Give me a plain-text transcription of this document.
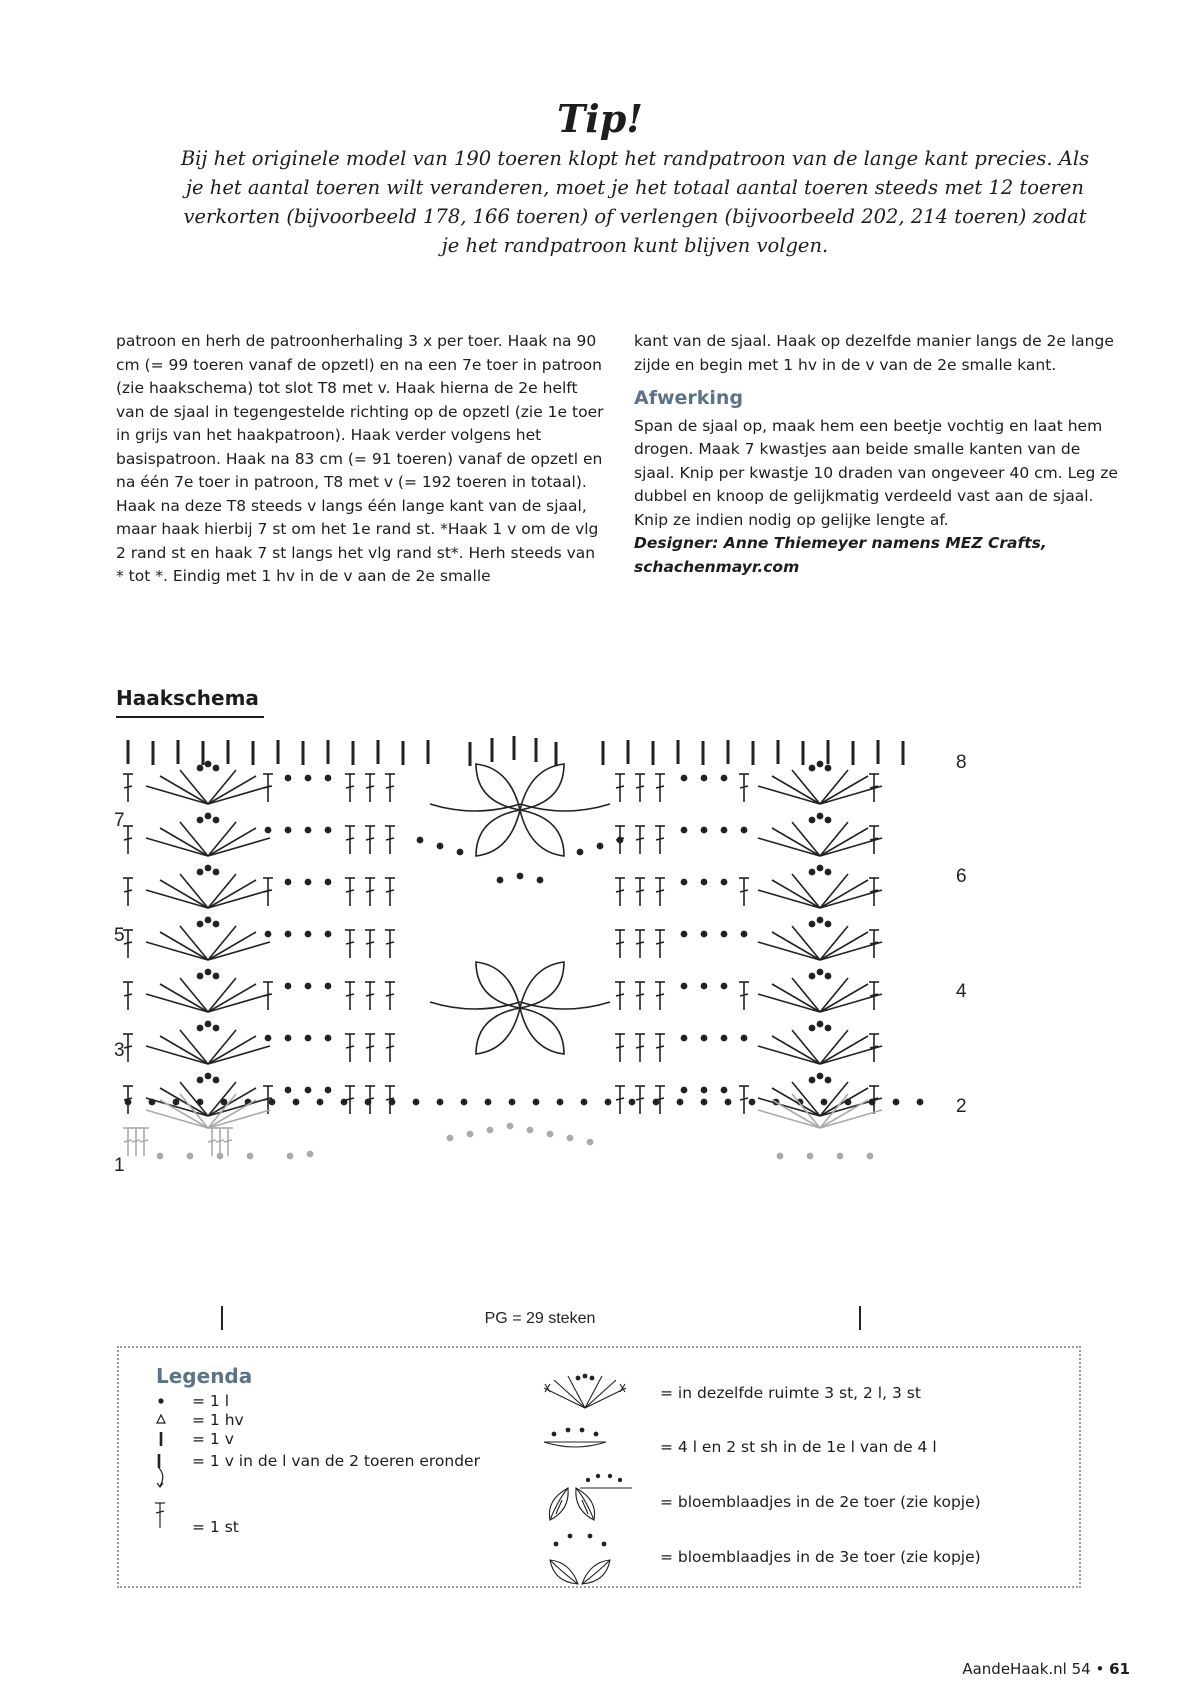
Tip!

Bij het originele model van 190 toeren klopt het randpatroon van de lange kant precies. Als je het aantal toeren wilt veranderen, moet je het totaal aantal toeren steeds met 12 toeren verkorten (bijvoorbeeld 178, 166 toeren) of verlengen (bijvoorbeeld 202, 214 toeren) zodat je het randpatroon kunt blijven volgen.

patroon en herh de patroonherhaling 3 x per toer. Haak na 90 cm (= 99 toeren vanaf de opzetl) en na een 7e toer in patroon (zie haakschema) tot slot T8 met v. Haak hierna de 2e helft van de sjaal in tegengestelde richting op de opzetl (zie 1e toer in grijs van het haakpatroon). Haak verder volgens het basispatroon. Haak na 83 cm (= 91 toeren) vanaf de opzetl en na één 7e toer in patroon, T8 met v (= 192 toeren in totaal). Haak na deze T8 steeds v langs één lange kant van de sjaal, maar haak hierbij 7 st om het 1e rand st. *Haak 1 v om de vlg 2 rand st en haak 7 st langs het vlg rand st*. Herh steeds van * tot *. Eindig met 1 hv in de v aan de 2e smalle

kant van de sjaal. Haak op dezelfde manier langs de 2e lange zijde en begin met 1 hv in de v van de 2e smalle kant.

Afwerking

Span de sjaal op, maak hem een beetje vochtig en laat hem drogen. Maak 7 kwastjes aan beide smalle kanten van de sjaal. Knip per kwastje 10 draden van ongeveer 40 cm. Leg ze dubbel en knoop de gelijkmatig verdeeld vast aan de sjaal. Knip ze indien nodig op gelijke lengte af.

Designer: Anne Thiemeyer namens MEZ Crafts, schachenmayr.com

Haakschema
7
5
3
1
8
6
4
2
PG = 29 steken
Legenda
= 1 l
= 1 hv
= 1 v
= 1 v in de l van de 2 toeren eronder
= 1 st
= in dezelfde ruimte 3 st, 2 l, 3 st
= 4 l en 2 st sh in de 1e l van de 4 l
= bloemblaadjes in de 2e toer (zie kopje)
= bloemblaadjes in de 3e toer (zie kopje)
AandeHaak.nl 54 • 61
